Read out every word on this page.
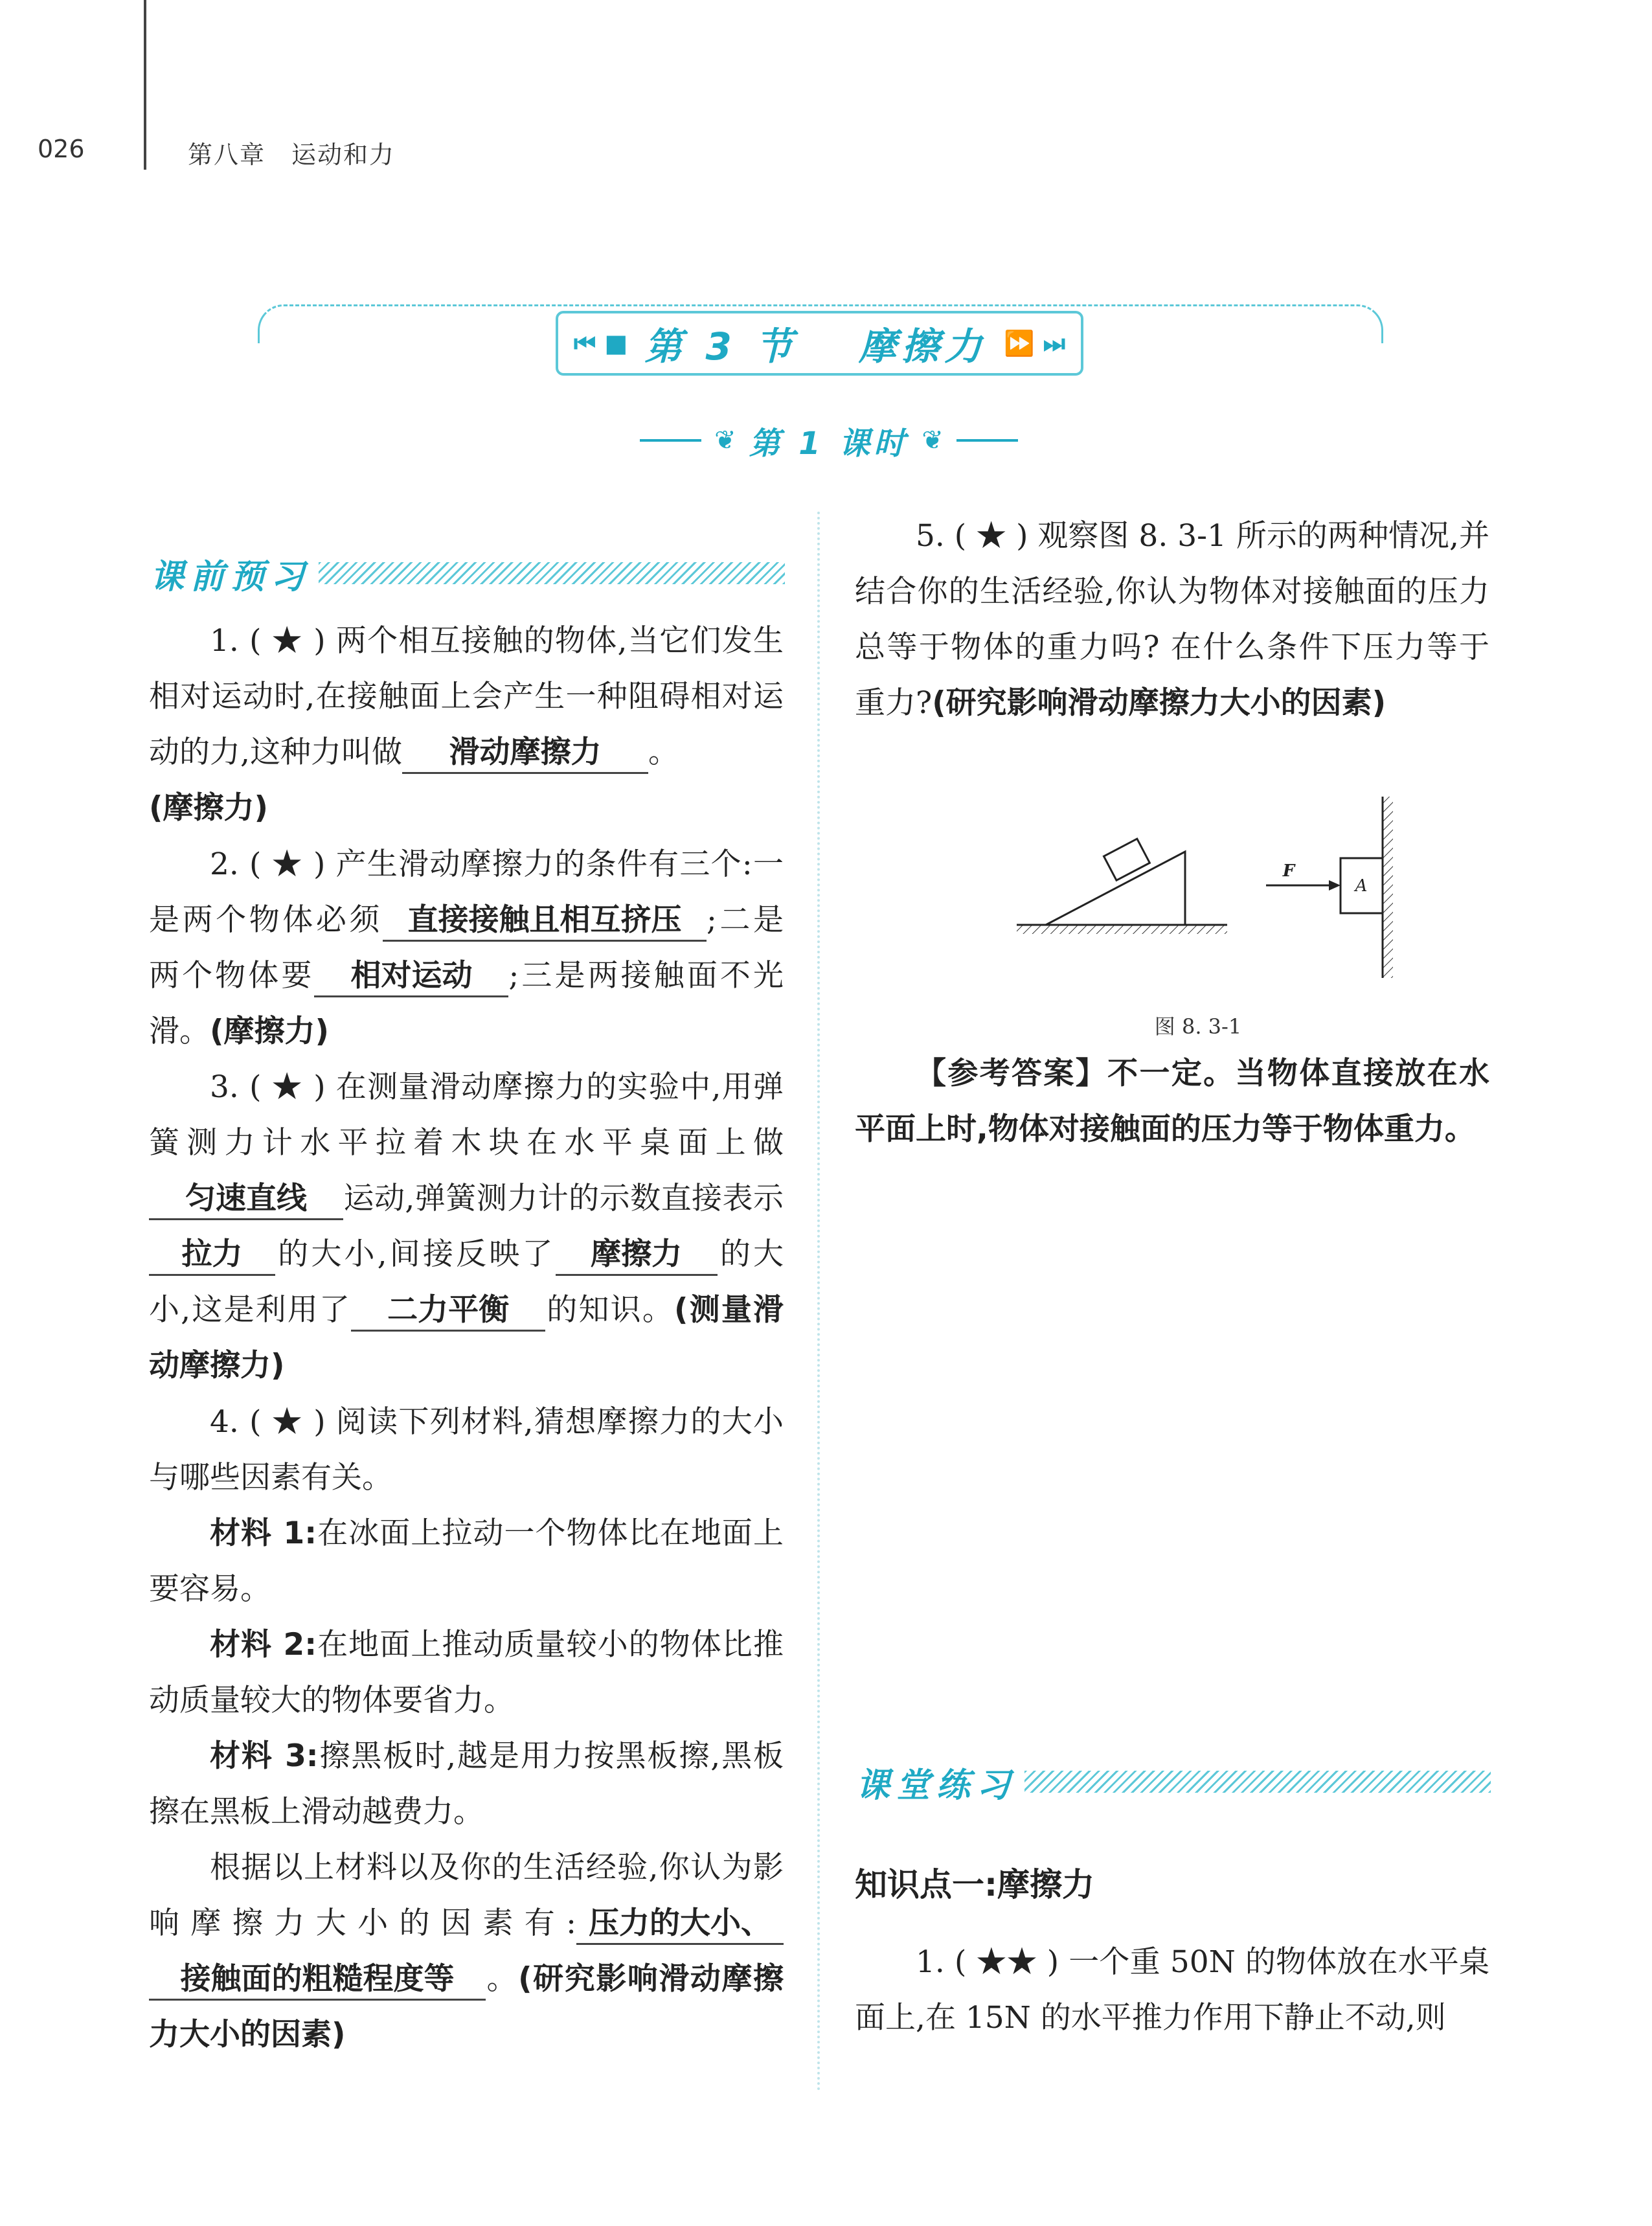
026	第八章　运动和力
⏮ ■ 第 3 节　 摩擦力 ⏩ ⏭
❦ 第 1 课时 ❦
课前预习

1. ( ★ ) 两个相互接触的物体,当它们发生相对运动时,在接触面上会产生一种阻碍相对运动的力,这种力叫做 滑动摩擦力 。

(摩擦力)

2. ( ★ ) 产生滑动摩擦力的条件有三个:一是两个物体必须 直接接触且相互挤压 ;二是两个物体要 相对运动 ;三是两接触面不光滑。(摩擦力)

3. ( ★ ) 在测量滑动摩擦力的实验中,用弹簧测力计水平拉着木块在水平桌面上做匀速直线 运动,弹簧测力计的示数直接表示拉力 的大小,间接反映了 摩擦力 的大小,这是利用了 二力平衡 的知识。(测量滑动摩擦力)

4. ( ★ ) 阅读下列材料,猜想摩擦力的大小与哪些因素有关。

材料 1:在冰面上拉动一个物体比在地面上要容易。

材料 2:在地面上推动质量较小的物体比推动质量较大的物体要省力。

材料 3:擦黑板时,越是用力按黑板擦,黑板擦在黑板上滑动越费力。

根据以上材料以及你的生活经验,你认为影响摩擦力大小的因素有: 压力的大小、接触面的粗糙程度等 。(研究影响滑动摩擦力大小的因素)

5. ( ★ ) 观察图 8. 3-1 所示的两种情况,并结合你的生活经验,你认为物体对接触面的压力总等于物体的重力吗? 在什么条件下压力等于重力?(研究影响滑动摩擦力大小的因素)

A
F
图 8. 3-1

【参考答案】不一定。当物体直接放在水平面上时,物体对接触面的压力等于物体重力。

课堂练习
知识点一:摩擦力

1. ( ★★ ) 一个重 50N 的物体放在水平桌面上,在 15N 的水平推力作用下静止不动,则
